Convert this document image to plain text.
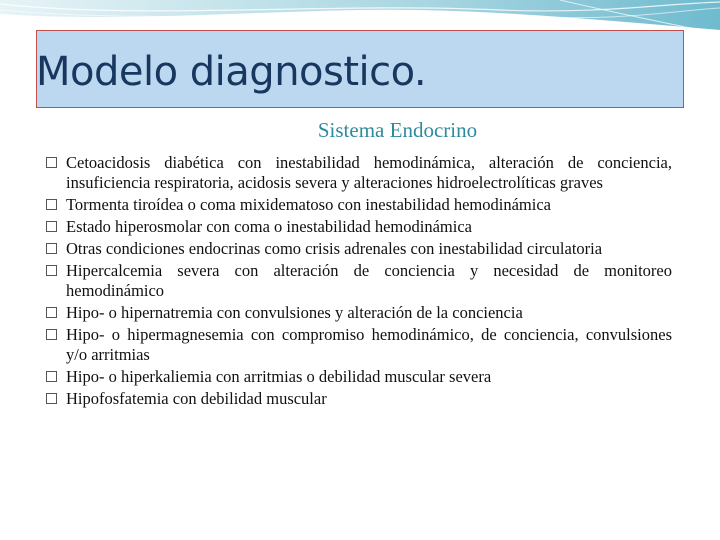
Modelo diagnostico.
Sistema Endocrino
Cetoacidosis diabética con inestabilidad hemodinámica, alteración de conciencia, insuficiencia respiratoria, acidosis severa y alteraciones hidroelectrolíticas graves
Tormenta tiroídea o coma mixidematoso con inestabilidad hemodinámica
Estado hiperosmolar con coma o inestabilidad hemodinámica
Otras condiciones endocrinas como crisis adrenales con inestabilidad circulatoria
Hipercalcemia severa con alteración de conciencia y necesidad de monitoreo hemodinámico
Hipo- o hipernatremia con convulsiones y alteración de la conciencia
Hipo- o hipermagnesemia con compromiso hemodinámico, de conciencia, convulsiones y/o arritmias
Hipo- o hiperkaliemia con arritmias o debilidad muscular severa
Hipofosfatemia con debilidad muscular
